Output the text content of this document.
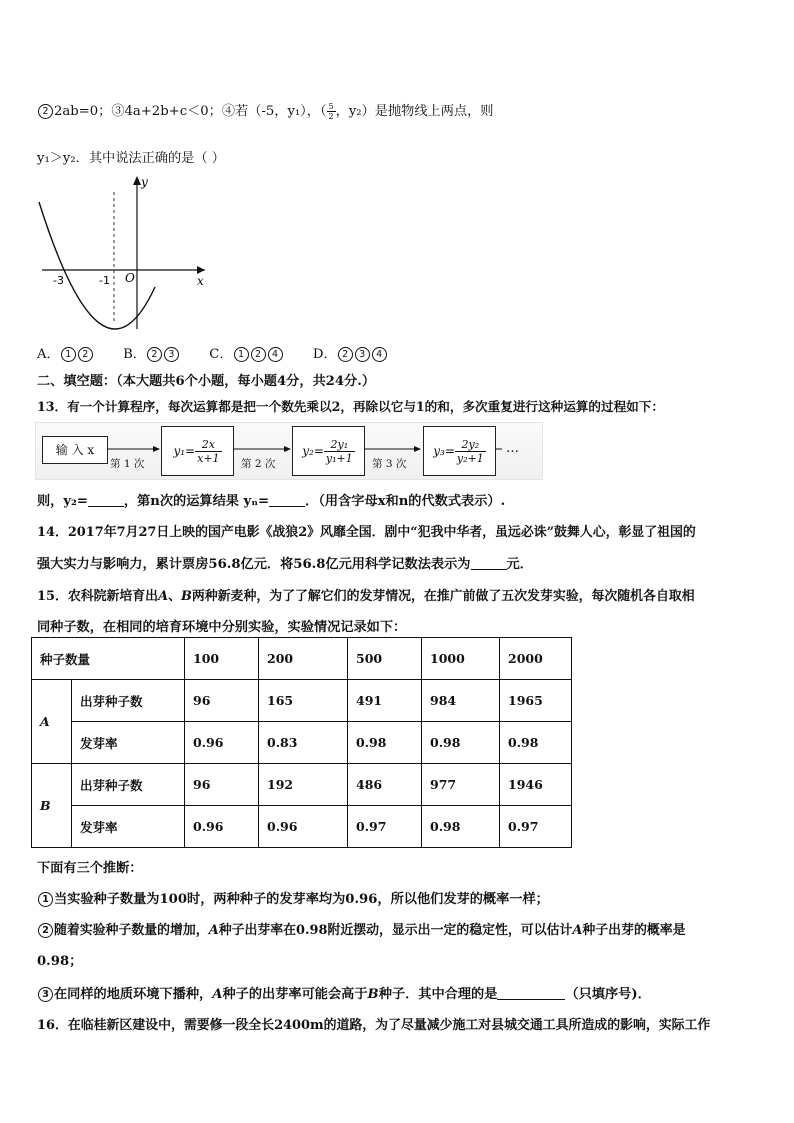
2 2ab=0；③4a+2b+c＜0；④若（-5，y₁），（ $\frac{5}{2}$ ，y₂）是抛物线上两点，则
y₁＞y₂．其中说法正确的是（ ）
y
x
O
-3	-1
A． 1 2	B． 2 3	C． 1 2 4	D． 2 3 4
二、填空题：（本大题共6个小题，每小题4分，共24分.）
13．有一个计算程序，每次运算都是把一个数先乘以2，再除以它与1的和，多次重复进行这种运算的过程如下：
输 入 x
第 1 次	第 2 次	第 3 次
$y_1= \frac{2x}{x+1}$	$y_2= \frac{\text{2y₁}}{\text{y₁+1}}$	$y_3= \frac{\text{2y₂}}{\text{y₂+1}}$ …
则，y₂=	，第n次的运算结果 yₙ=	．（用含字母x和n的代数式表示）.
14．2017年7月27日上映的国产电影《战狼2》风靡全国．剧中“犯我中华者，虽远必诛”鼓舞人心，彰显了祖国的
强大实力与影响力，累计票房56.8亿元．将56.8亿元用科学记数法表示为	元．
15．农科院新培育出A、B两种新麦种，为了了解它们的发芽情况，在推广前做了五次发芽实验，每次随机各自取相
同种子数，在相同的培育环境中分别实验，实验情况记录如下：
种子数量		100	200	500	1000	2000
A	出芽种子数	96	165	491	984	1965
	发芽率	0.96	0.83	0.98	0.98	0.98
B	出芽种子数	96	192	486	977	1946
	发芽率	0.96	0.96	0.97	0.98	0.97
下面有三个推断：
1 当实验种子数量为100时，两种种子的发芽率均为0.96，所以他们发芽的概率一样；
2 随着实验种子数量的增加，A种子出芽率在0.98附近摆动，显示出一定的稳定性，可以估计A种子出芽的概率是
0.98；
3 在同样的地质环境下播种，A种子的出芽率可能会高于B种子．其中合理的是	（只填序号)．
16．在临桂新区建设中，需要修一段全长2400m的道路，为了尽量减少施工对县城交通工具所造成的影响，实际工作
